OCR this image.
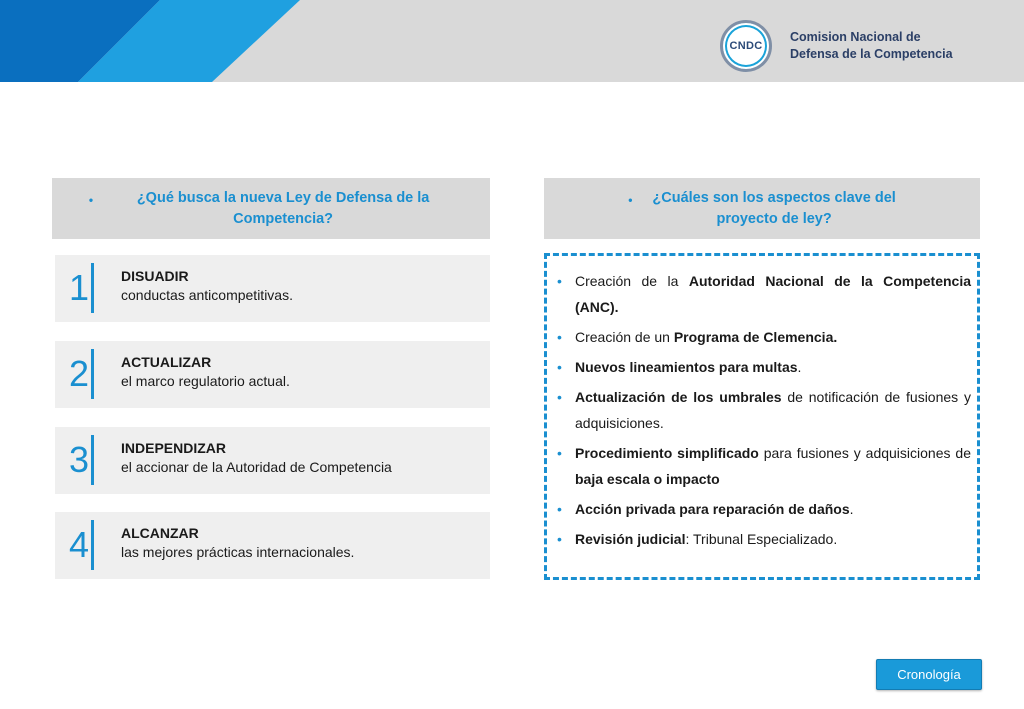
CNDC
Comision Nacional de
Defensa de la Competencia
•	¿Qué busca la nueva Ley de Defensa de la Competencia?
• ¿Cuáles son los aspectos clave del
proyecto de ley?
1	DISUADIR
conductas anticompetitivas.
2	ACTUALIZAR
el marco regulatorio actual.
3	INDEPENDIZAR
el accionar de la Autoridad de Competencia
4	ALCANZAR
las mejores prácticas internacionales.
• Creación de la Autoridad Nacional de la Competencia (ANC).
• Creación de un Programa de Clemencia.
• Nuevos lineamientos para multas.
• Actualización de los umbrales de notificación de fusiones y adquisiciones.
• Procedimiento simplificado para fusiones y adquisiciones de baja escala o impacto
• Acción privada para reparación de daños.
• Revisión judicial: Tribunal Especializado.
Cronología
